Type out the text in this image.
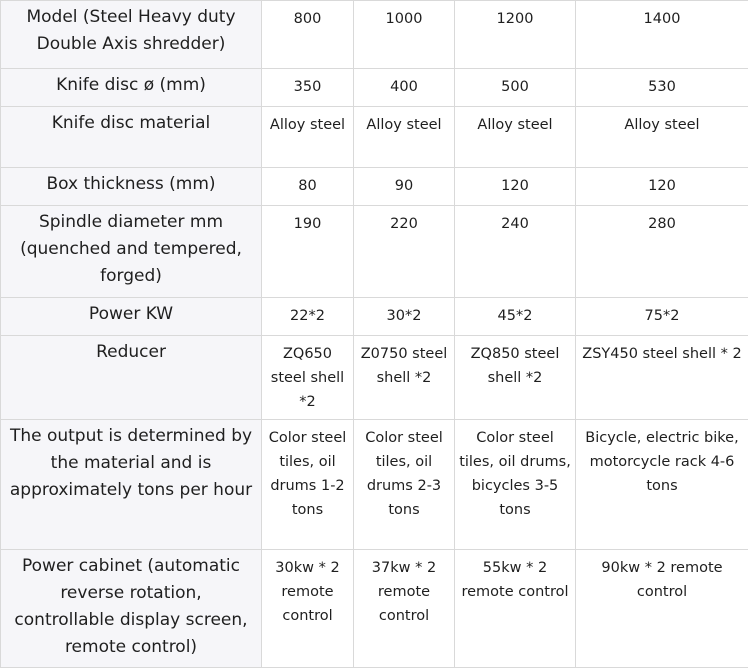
Model (Steel Heavy duty Double Axis shredder)	800	1000	1200	1400
Knife disc ø (mm)	350	400	500	530
Knife disc material	Alloy steel	Alloy steel	Alloy steel	Alloy steel
Box thickness (mm)	80	90	120	120
Spindle diameter mm (quenched and tempered, forged)	190	220	240	280
Power KW	22*2	30*2	45*2	75*2
Reducer	ZQ650 steel shell *2	Z0750 steel shell *2	ZQ850 steel shell *2	ZSY450 steel shell * 2
The output is determined by the material and is approximately tons per hour	Color steel tiles, oil drums 1-2 tons	Color steel tiles, oil drums 2-3 tons	Color steel tiles, oil drums, bicycles 3-5 tons	Bicycle, electric bike, motorcycle rack 4-6 tons
Power cabinet (automatic reverse rotation, controllable display screen, remote control)	30kw * 2 remote control	37kw * 2 remote control	55kw * 2 remote control	90kw * 2 remote control
